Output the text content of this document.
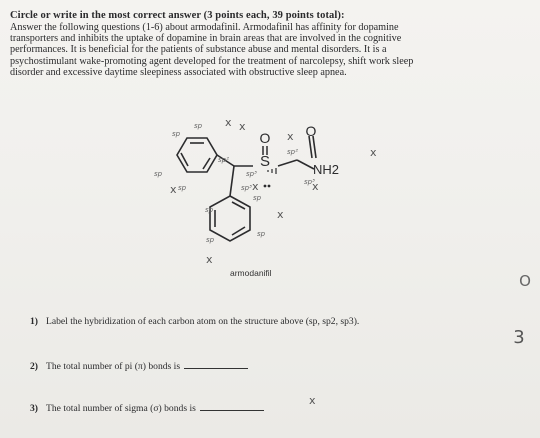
Circle or write in the most correct answer (3 points each, 39 points total):
Answer the following questions (1-6) about armodafinil. Armodafinil has affinity for dopamine
transporters and inhibits the uptake of dopamine in brain areas that are involved in the cognitive
performances. It is beneficial for the patients of substance abuse and mental disorders. It is a
psychostimulant wake-promoting agent developed for the treatment of narcolepsy, shift work sleep
disorder and excessive daytime sleepiness associated with obstructive sleep apnea.
S
O	O
NH2
armodanifil
sp
sp
sp
sp
sp²
sp³
sp²
sp³
sp
sp
sp
sp
sp³
x x
x
x
x
x	x
x
x
x
O
3
1) Label the hybridization of each carbon atom on the structure above (sp, sp2, sp3).
2) The total number of pi (π) bonds is
3) The total number of sigma (σ) bonds is
